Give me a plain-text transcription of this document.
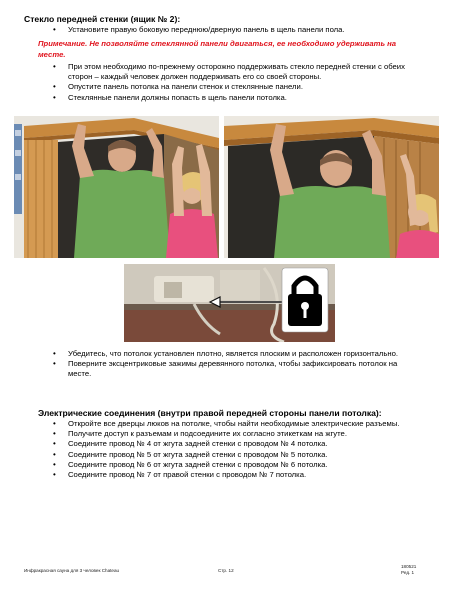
Стекло передней стенки (ящик № 2):
• Установите правую боковую переднюю/дверную панель в щель панели пола.
Примечание. Не позволяйте стеклянной панели двигаться, ее необходимо удерживать на месте.
• При этом необходимо по-прежнему осторожно поддерживать стекло передней стенки с обеих сторон – каждый человек должен поддерживать его со своей стороны.
• Опустите панель потолка на панели стенок и стеклянные панели.
• Стеклянные панели должны попасть в щель панели потолка.
• Убедитесь, что потолок установлен плотно, является плоским и расположен горизонтально.
• Поверните эксцентриковые зажимы деревянного потолка, чтобы зафиксировать потолок на месте.
Электрические соединения (внутри правой передней стороны панели потолка):
• Откройте все дверцы люков на потолке, чтобы найти необходимые электрические разъемы.
• Получите доступ к разъемам и подсоедините их согласно этикеткам на жгуте.
• Соедините провод № 4 от жгута задней стенки с проводом № 4 потолка.
• Соедините провод № 5 от жгута задней стенки с проводом № 5 потолка.
• Соедините провод № 6 от жгута задней стенки с проводом № 6 потолка.
• Соедините провод № 7 от правой стенки с проводом № 7 потолка.
Инфракрасная сауна для 3 человек Chateau	Стр. 12
180521
Ред. 1
